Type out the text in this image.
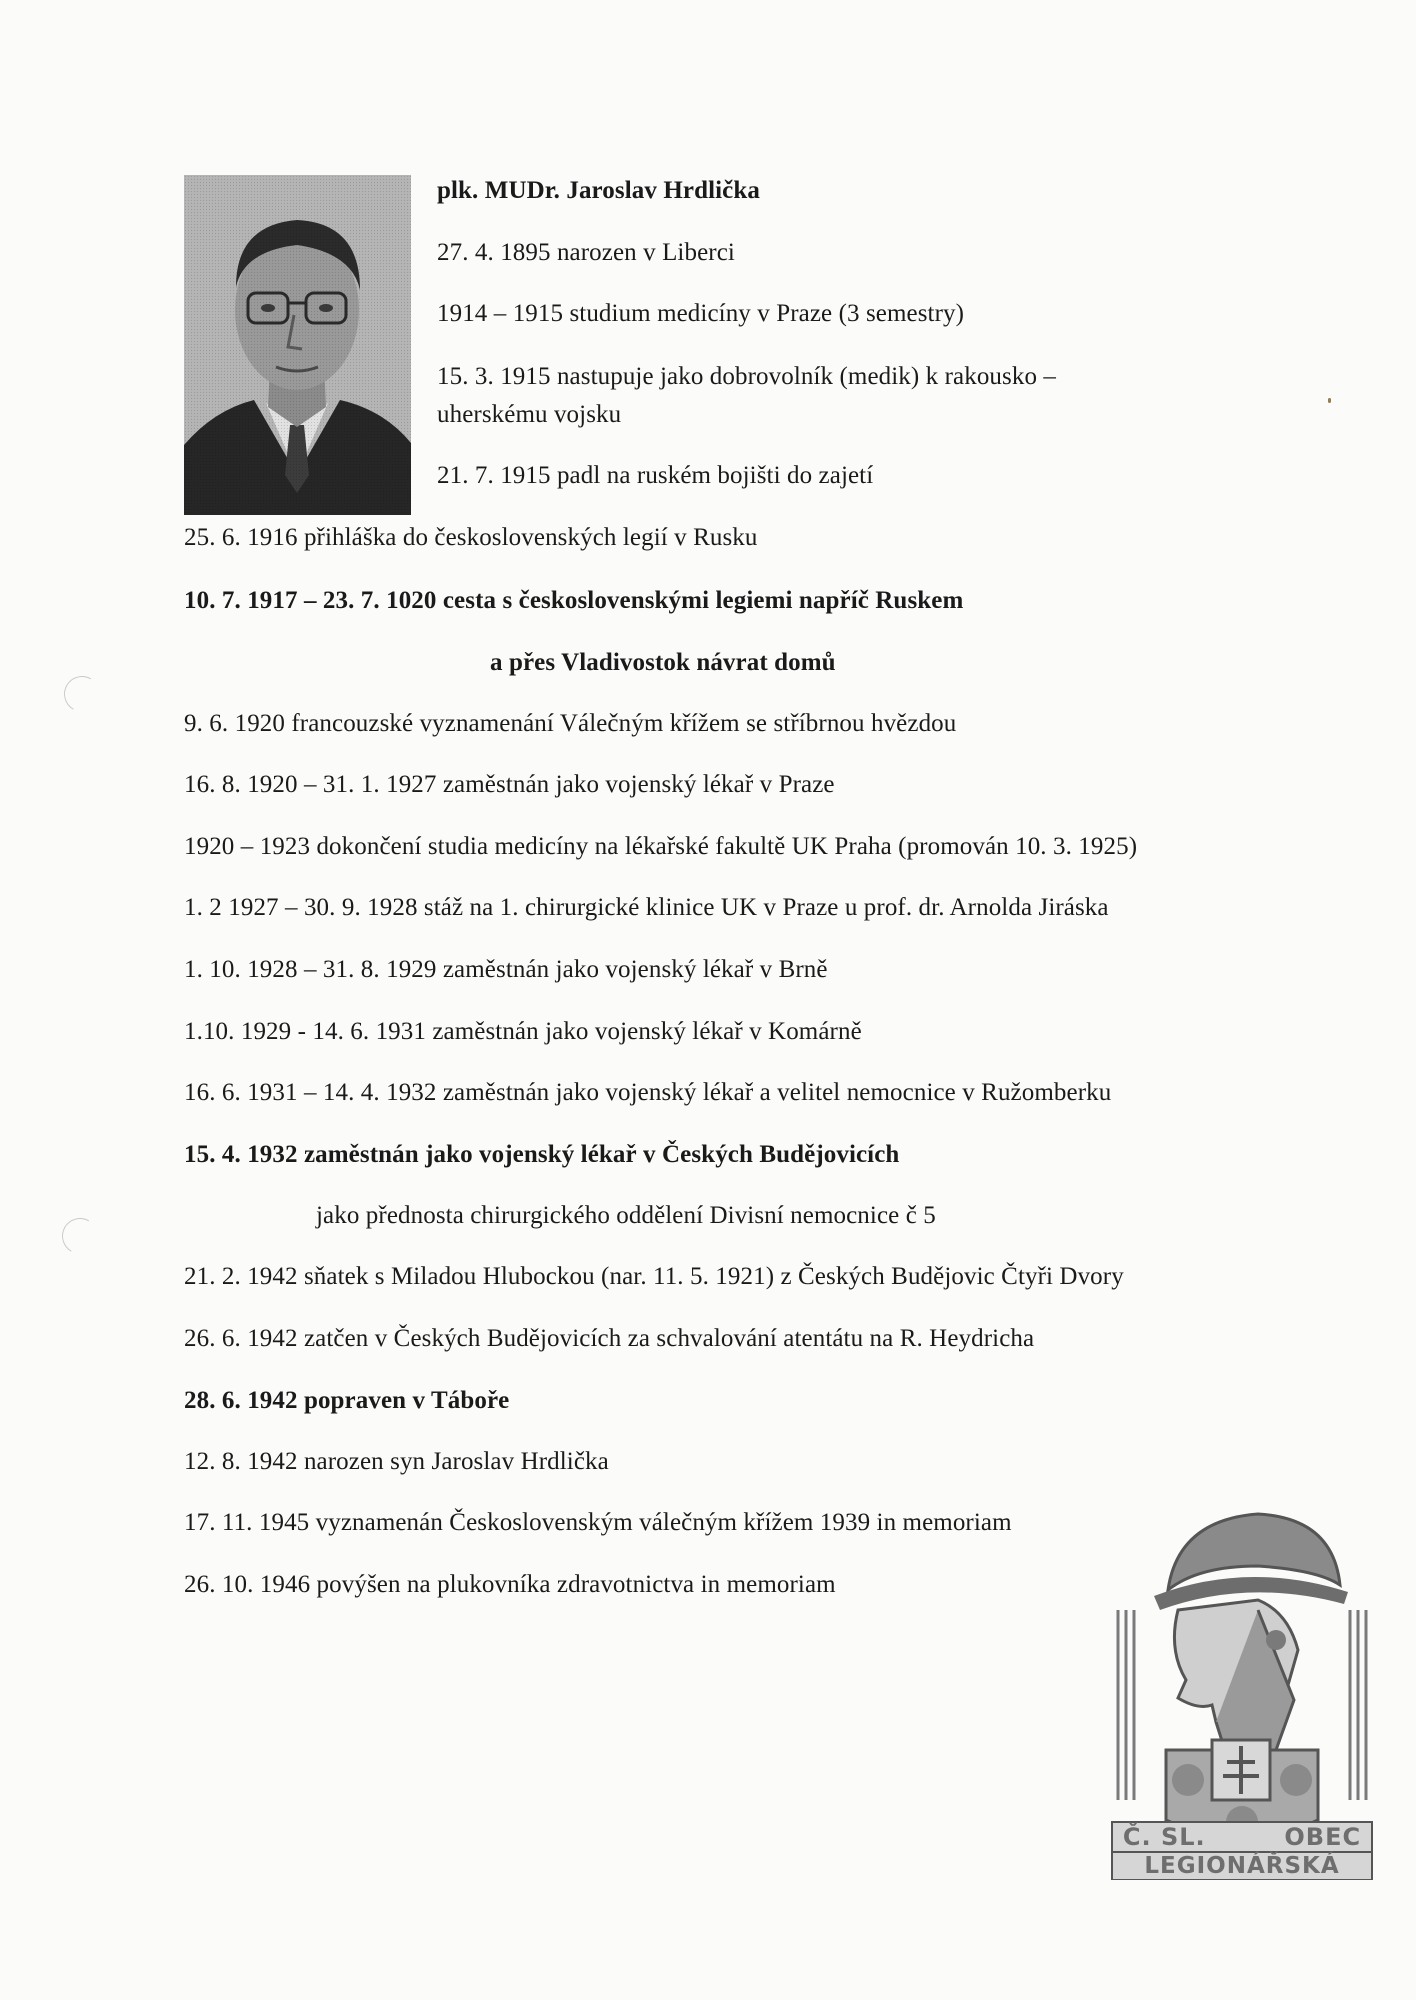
plk. MUDr. Jaroslav Hrdlička
27. 4. 1895 narozen v Liberci
1914 – 1915 studium medicíny v Praze (3 semestry)
15. 3. 1915 nastupuje jako dobrovolník (medik) k rakousko –
uherskému vojsku
21. 7. 1915 padl na ruském bojišti do zajetí
25. 6. 1916 přihláška do československých legií v Rusku
10. 7. 1917 – 23. 7. 1020 cesta s československými legiemi napříč Ruskem
a přes Vladivostok návrat domů
9. 6. 1920 francouzské vyznamenání Válečným křížem se stříbrnou hvězdou
16. 8. 1920 – 31. 1. 1927 zaměstnán jako vojenský lékař v Praze
1920 – 1923 dokončení studia medicíny na lékařské fakultě UK Praha (promován 10. 3. 1925)
1. 2 1927 – 30. 9. 1928 stáž na 1. chirurgické klinice UK v Praze u prof. dr. Arnolda Jiráska
1. 10. 1928 – 31. 8. 1929 zaměstnán jako vojenský lékař v Brně
1.10. 1929 - 14. 6. 1931 zaměstnán jako vojenský lékař v Komárně
16. 6. 1931 – 14. 4. 1932 zaměstnán jako vojenský lékař a velitel nemocnice v Ružomberku
15. 4. 1932 zaměstnán jako vojenský lékař v Českých Budějovicích
jako přednosta chirurgického oddělení Divisní nemocnice č 5
21. 2. 1942 sňatek s Miladou Hlubockou (nar. 11. 5. 1921) z Českých Budějovic Čtyři Dvory
26. 6. 1942 zatčen v Českých Budějovicích za schvalování atentátu na R. Heydricha
28. 6. 1942 popraven v Táboře
12. 8. 1942 narozen syn Jaroslav Hrdlička
17. 11. 1945 vyznamenán Československým válečným křížem 1939 in memoriam
26. 10. 1946 povýšen na plukovníka zdravotnictva in memoriam
Č. SL.	OBEC
LEGIONÁŘSKÁ
